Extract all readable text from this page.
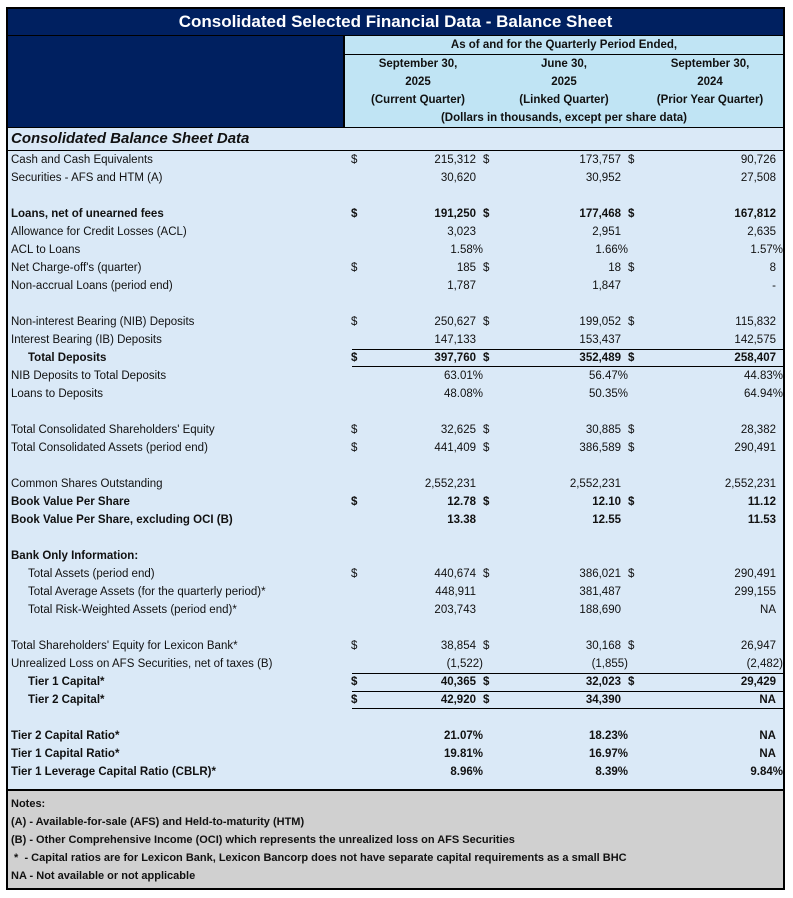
Consolidated Selected Financial Data - Balance Sheet
As of and for the Quarterly Period Ended,
September 30,
2025
(Current Quarter)
June 30,
2025
(Linked Quarter)
September 30,
2024
(Prior Year Quarter)
(Dollars in thousands, except per share data)
Consolidated Balance Sheet Data
Cash and Cash Equivalents	$	215,312 $	173,757 $	90,726
Securities - AFS and HTM (A)	30,620	30,952	27,508
Loans, net of unearned fees	$	191,250 $	177,468 $	167,812
Allowance for Credit Losses (ACL)	3,023	2,951	2,635
ACL to Loans	1.58%	1.66%	1.57%
Net Charge-off's (quarter)	$	185 $	18 $	8
Non-accrual Loans (period end)	1,787	1,847	-
Non-interest Bearing (NIB) Deposits	$	250,627 $	199,052 $	115,832
Interest Bearing (IB) Deposits	147,133	153,437	142,575
Total Deposits	$	397,760 $	352,489 $	258,407
NIB Deposits to Total Deposits	63.01%	56.47%	44.83%
Loans to Deposits	48.08%	50.35%	64.94%
Total Consolidated Shareholders' Equity	$	32,625 $	30,885 $	28,382
Total Consolidated Assets (period end)	$	441,409 $	386,589 $	290,491
Common Shares Outstanding	2,552,231	2,552,231	2,552,231
Book Value Per Share	$	12.78 $	12.10 $	11.12
Book Value Per Share, excluding OCI (B)	13.38	12.55	11.53
Bank Only Information:
Total Assets (period end)	$	440,674 $	386,021 $	290,491
Total Average Assets (for the quarterly period)*	448,911	381,487	299,155
Total Risk-Weighted Assets (period end)*	203,743	188,690	NA
Total Shareholders' Equity for Lexicon Bank*	$	38,854 $	30,168 $	26,947
Unrealized Loss on AFS Securities, net of taxes (B)	(1,522)	(1,855)	(2,482)
Tier 1 Capital*	$	40,365 $	32,023 $	29,429
Tier 2 Capital*	$	42,920 $	34,390	NA
Tier 2 Capital Ratio*	21.07%	18.23%	NA
Tier 1 Capital Ratio*	19.81%	16.97%	NA
Tier 1 Leverage Capital Ratio (CBLR)*	8.96%	8.39%	9.84%
Notes:
(A) - Available-for-sale (AFS) and Held-to-maturity (HTM)
(B) - Other Comprehensive Income (OCI) which represents the unrealized loss on AFS Securities
*  - Capital ratios are for Lexicon Bank, Lexicon Bancorp does not have separate capital requirements as a small BHC
NA - Not available or not applicable
